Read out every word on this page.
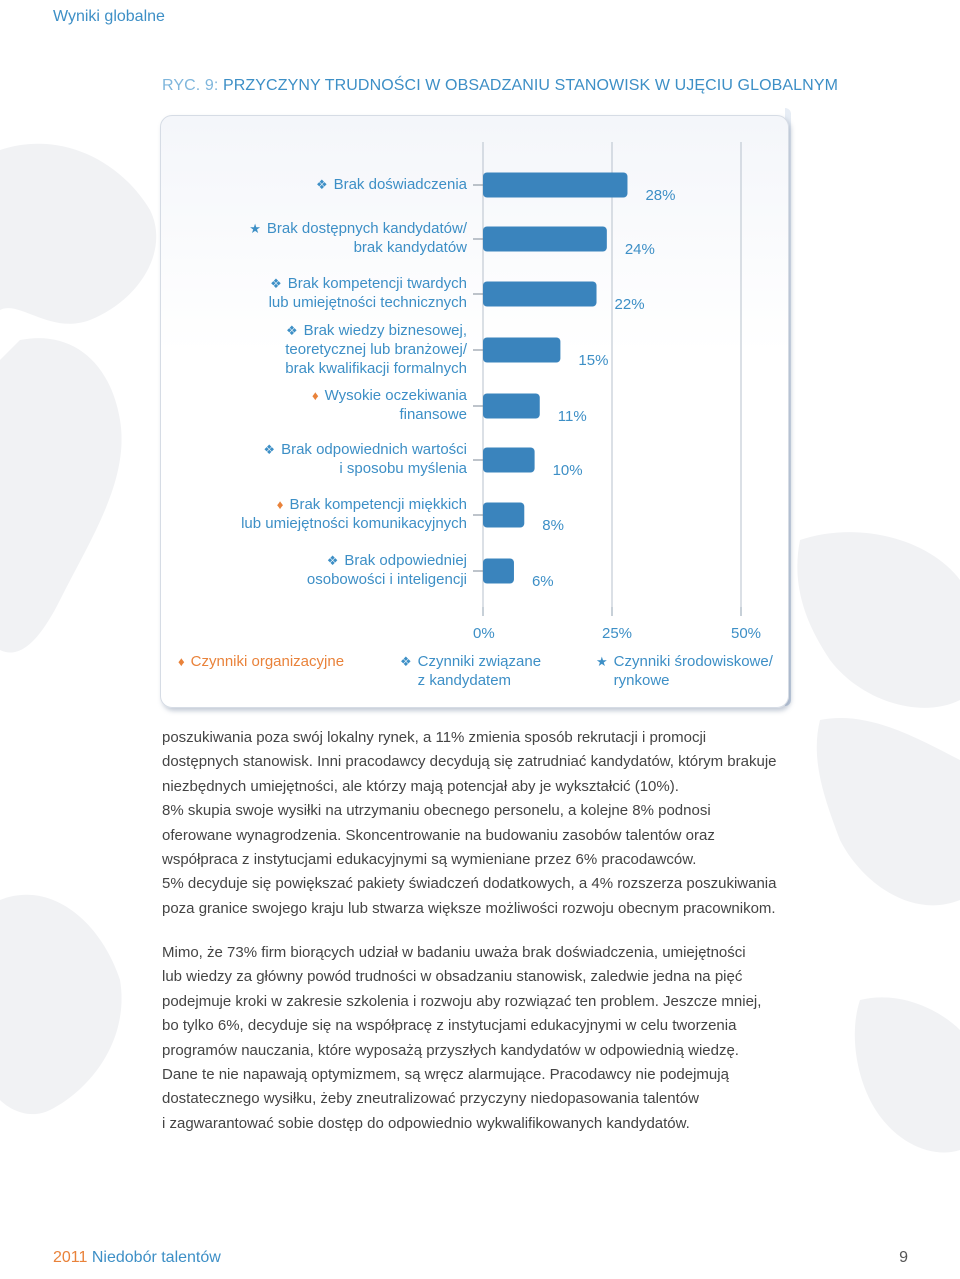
Wyniki globalne
RYC. 9: PRZYCZYNY TRUDNOŚCI W OBSADZANIU STANOWISK W UJĘCIU GLOBALNYM
❖ Brak doświadczenia
28%
★ Brak dostępnych kandydatów/
brak kandydatów	24%
❖ Brak kompetencji twardych
lub umiejętności technicznych	22%
❖ Brak wiedzy biznesowej,
teoretycznej lub branżowej/
brak kwalifikacji formalnych	15%
♦ Wysokie oczekiwania
finansowe	11%
❖ Brak odpowiednich wartości
i sposobu myślenia	10%
♦ Brak kompetencji miękkich
lub umiejętności komunikacyjnych	8%
❖ Brak odpowiedniej
osobowości i inteligencji	6%
0%	25%	50%
♦ Czynniki organizacyjne	❖ Czynniki związane
z kandydatem
★ Czynniki środowiskowe/
rynkowe
poszukiwania poza swój lokalny rynek, a 11% zmienia sposób rekrutacji i promocji
dostępnych stanowisk. Inni pracodawcy decydują się zatrudniać kandydatów, którym brakuje
niezbędnych umiejętności, ale którzy mają potencjał aby je wykształcić (10%).
8% skupia swoje wysiłki na utrzymaniu obecnego personelu, a kolejne 8% podnosi
oferowane wynagrodzenia. Skoncentrowanie na budowaniu zasobów talentów oraz
współpraca z instytucjami edukacyjnymi są wymieniane przez 6% pracodawców.
5% decyduje się powiększać pakiety świadczeń dodatkowych, a 4% rozszerza poszukiwania
poza granice swojego kraju lub stwarza większe możliwości rozwoju obecnym pracownikom.
Mimo, że 73% firm biorących udział w badaniu uważa brak doświadczenia, umiejętności
lub wiedzy za główny powód trudności w obsadzaniu stanowisk, zaledwie jedna na pięć
podejmuje kroki w zakresie szkolenia i rozwoju aby rozwiązać ten problem. Jeszcze mniej,
bo tylko 6%, decyduje się na współpracę z instytucjami edukacyjnymi w celu tworzenia
programów nauczania, które wyposażą przyszłych kandydatów w odpowiednią wiedzę.
Dane te nie napawają optymizmem, są wręcz alarmujące. Pracodawcy nie podejmują
dostatecznego wysiłku, żeby zneutralizować przyczyny niedopasowania talentów
i zagwarantować sobie dostęp do odpowiednio wykwalifikowanych kandydatów.
2011 Niedobór talentów	9
